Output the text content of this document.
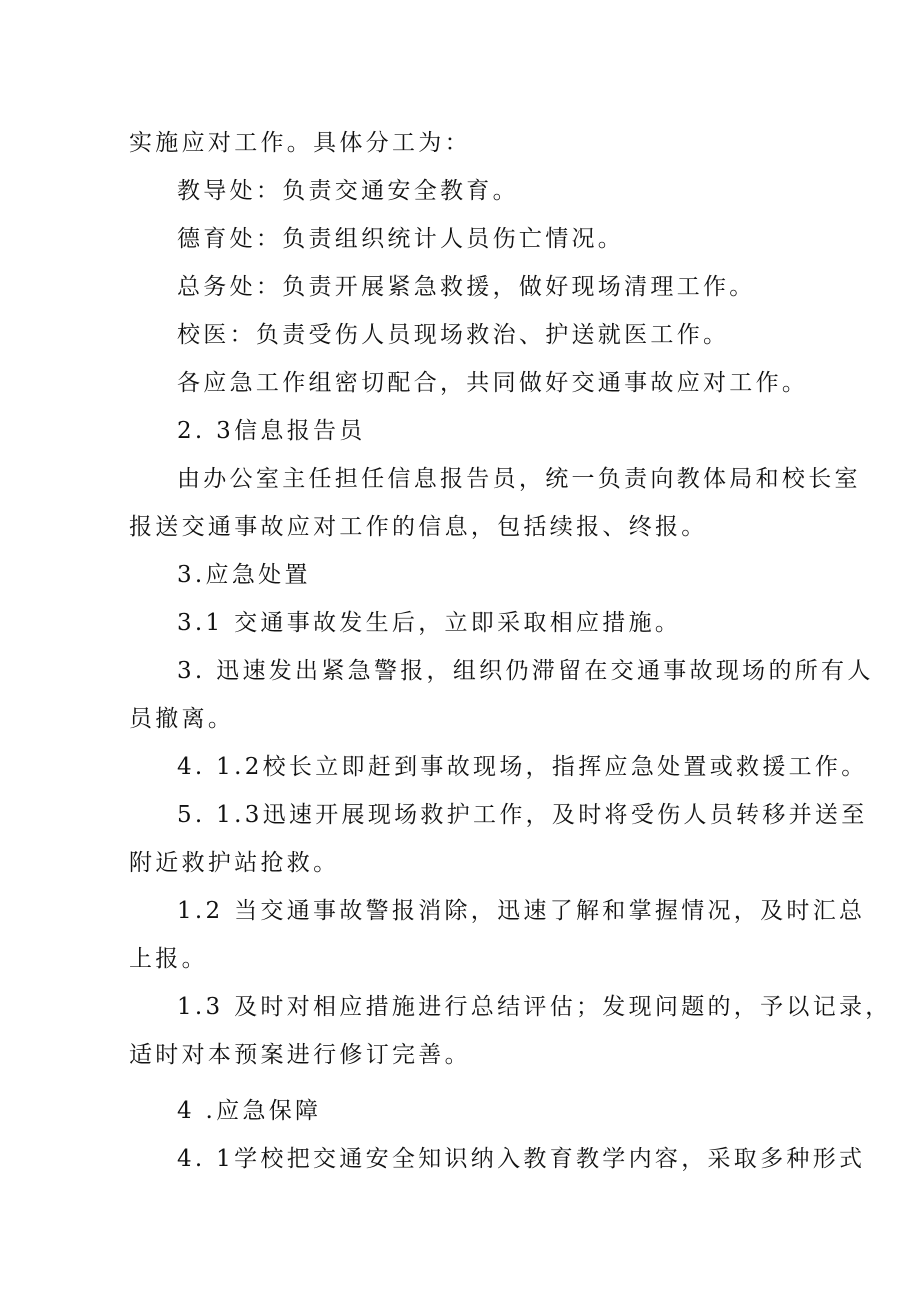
实施应对工作。具体分工为：
教导处：负责交通安全教育。
德育处：负责组织统计人员伤亡情况。
总务处：负责开展紧急救援，做好现场清理工作。
校医：负责受伤人员现场救治、护送就医工作。
各应急工作组密切配合，共同做好交通事故应对工作。
2. 3信息报告员
由办公室主任担任信息报告员，统一负责向教体局和校长室
报送交通事故应对工作的信息，包括续报、终报。
3.应急处置
3.1 交通事故发生后，立即采取相应措施。
3. 迅速发出紧急警报，组织仍滞留在交通事故现场的所有人
员撤离。
4. 1.2校长立即赶到事故现场，指挥应急处置或救援工作。
5. 1.3迅速开展现场救护工作，及时将受伤人员转移并送至
附近救护站抢救。
1.2 当交通事故警报消除，迅速了解和掌握情况，及时汇总
上报。
1.3 及时对相应措施进行总结评估；发现问题的，予以记录，
适时对本预案进行修订完善。
4 .应急保障
4. 1学校把交通安全知识纳入教育教学内容，采取多种形式
